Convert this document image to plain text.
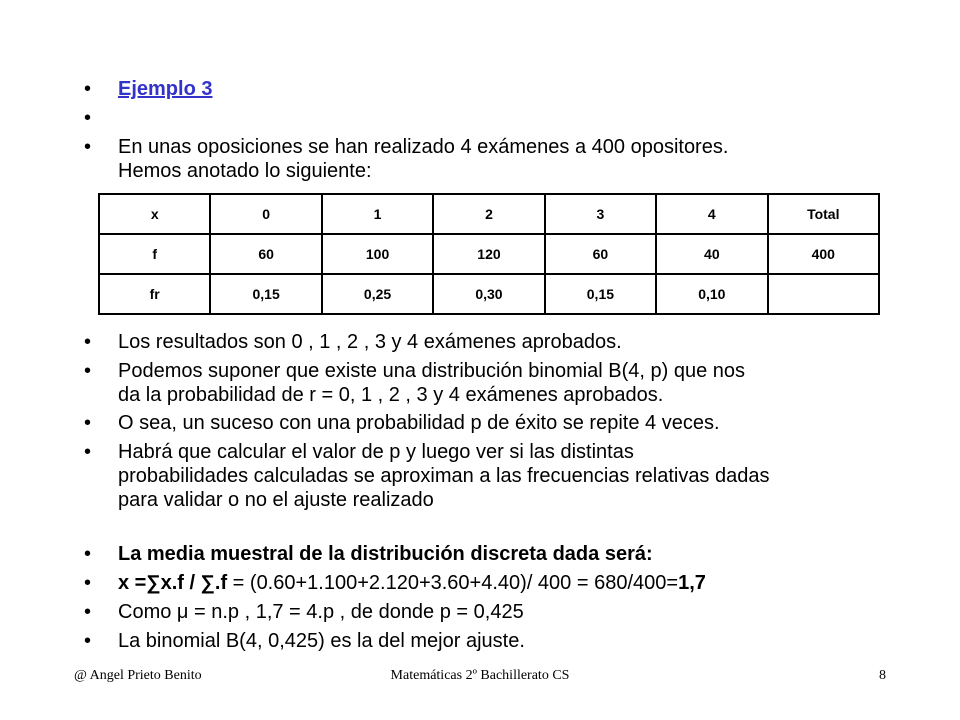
•	Ejemplo 3
•
•	En unas oposiciones se han realizado 4 exámenes a 400 opositores.
Hemos anotado lo siguiente:
x	0	1	2	3	4	Total
f	60	100	120	60	40	400
fr	0,15	0,25	0,30	0,15	0,10	
•	Los resultados son 0 , 1 , 2 , 3 y 4 exámenes aprobados.
•	Podemos suponer que existe una distribución binomial B(4, p) que nos
da la probabilidad de r = 0, 1 , 2 , 3 y 4 exámenes aprobados.
•	O sea, un suceso con una probabilidad p de éxito se repite 4 veces.
•	Habrá que calcular el valor de p y luego ver si las distintas
probabilidades calculadas se aproximan a las frecuencias relativas dadas
para validar o no el ajuste realizado
•	La media muestral de la distribución discreta dada será:
•	x =∑x.f / ∑.f = (0.60+1.100+2.120+3.60+4.40)/ 400 = 680/400=1,7
•	Como μ = n.p , 1,7 = 4.p , de donde p = 0,425
•	La binomial B(4, 0,425) es la del mejor ajuste.
@ Angel Prieto Benito	Matemáticas 2º Bachillerato CS	8
